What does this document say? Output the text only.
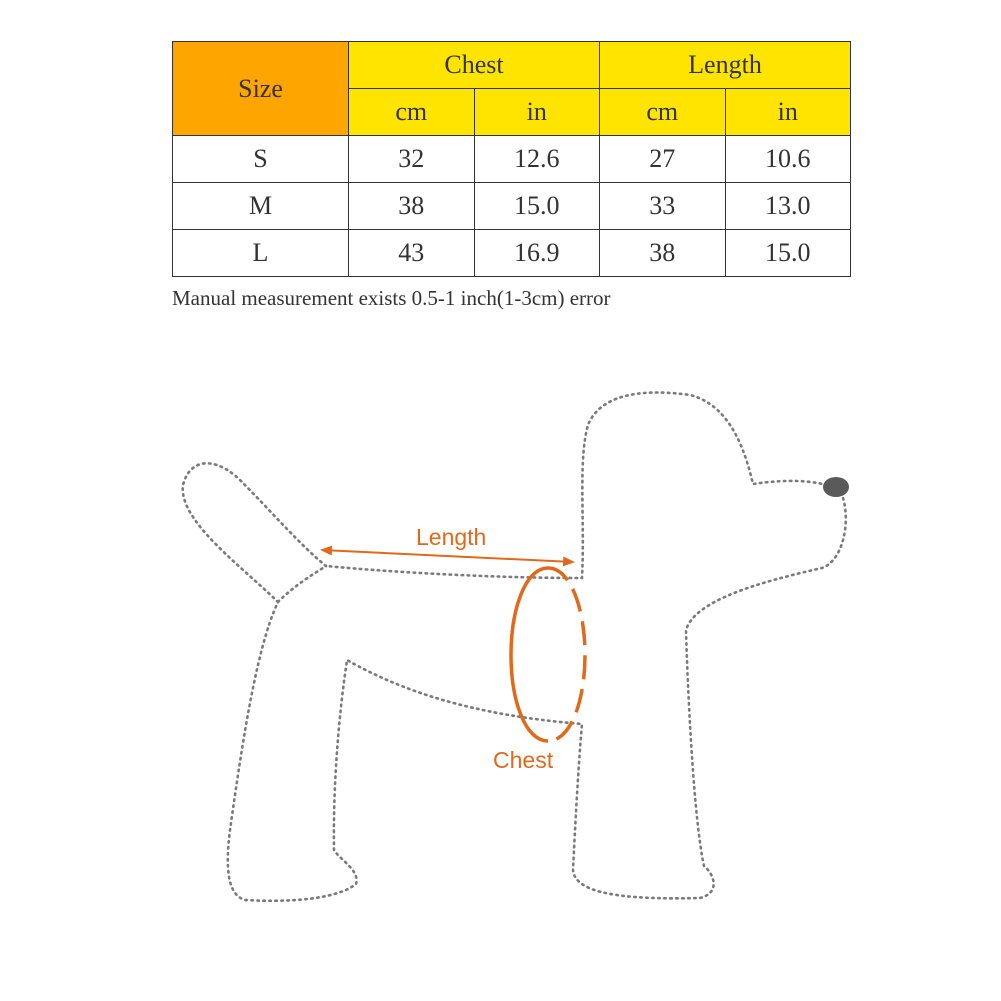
Size	Chest		Length	
	cm	in	cm	in
S	32	12.6	27	10.6
M	38	15.0	33	13.0
L	43	16.9	38	15.0
Manual measurement exists 0.5-1 inch(1-3cm) error
Length
Chest
